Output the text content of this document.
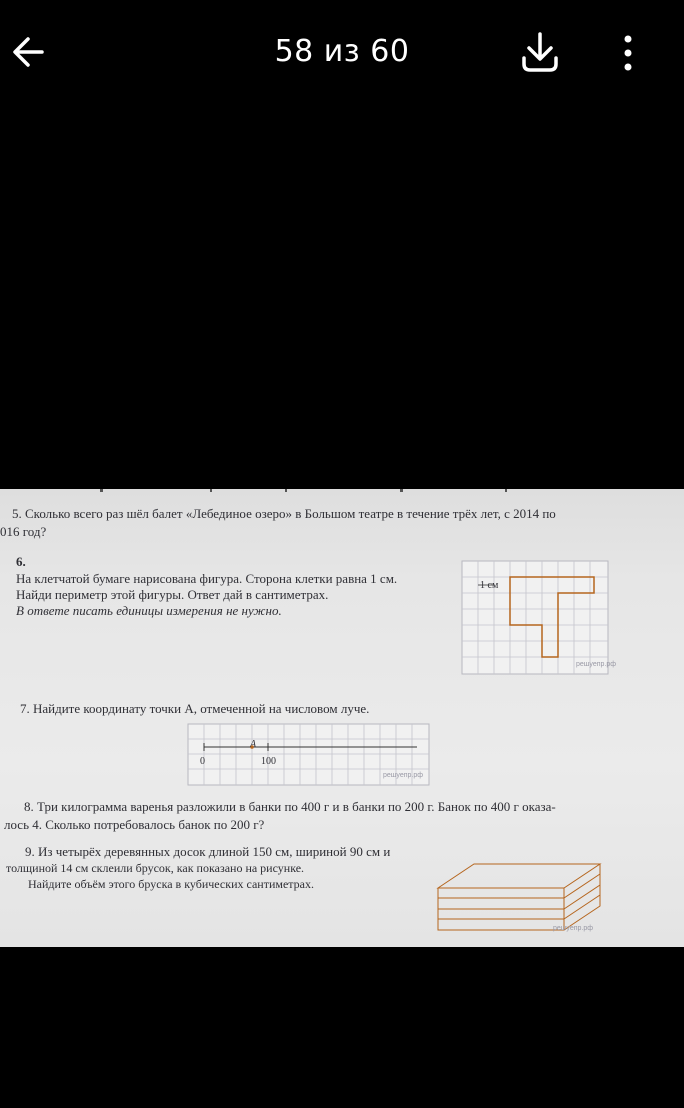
58 из 60
5. Сколько всего раз шёл балет «Лебединое озеро» в Большом театре в течение трёх лет, с 2014 по
016 год?
6.
На клетчатой бумаге нарисована фигура. Сторона клетки равна 1 см.
Найди периметр этой фигуры. Ответ дай в сантиметрах.
В ответе писать единицы измерения не нужно.
1 см
решуепр.рф
7. Найдите координату точки A, отмеченной на числовом луче.
A
0	100
решуепр.рф
8. Три килограмма варенья разложили в банки по 400 г и в банки по 200 г. Банок по 400 г оказа-
лось 4. Сколько потребовалось банок по 200 г?
9. Из четырёх деревянных досок длиной 150 см, шириной 90 см и
толщиной 14 см склеили брусок, как показано на рисунке.
Найдите объём этого бруска в кубических сантиметрах.
решуепр.рф
